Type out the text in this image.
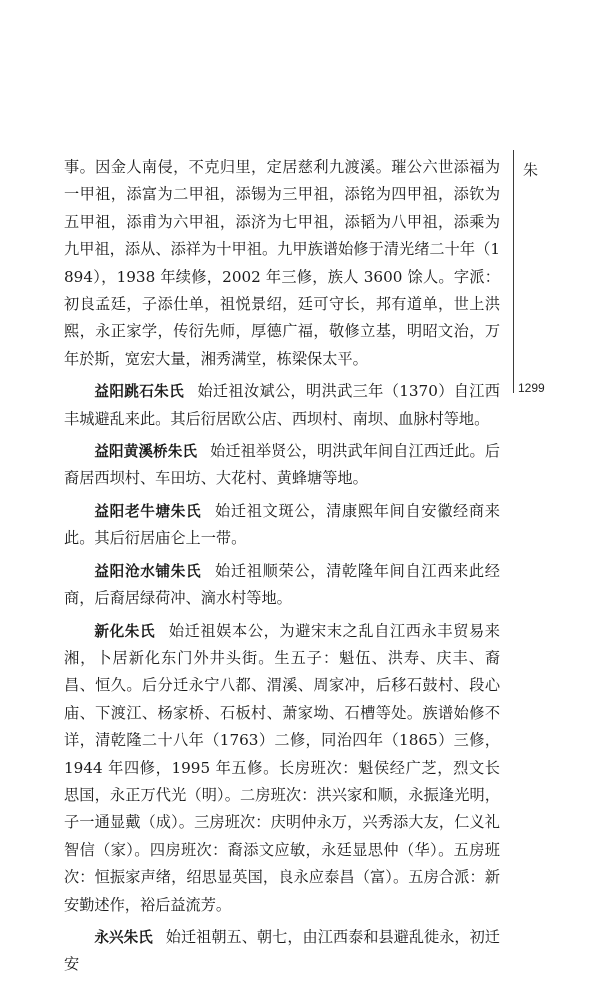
朱
1299

事。因金人南侵，不克归里，定居慈利九渡溪。璀公六世添福为一甲祖，添富为二甲祖，添锡为三甲祖，添铭为四甲祖，添钦为五甲祖，添甫为六甲祖，添济为七甲祖，添韬为八甲祖，添乘为九甲祖，添从、添祥为十甲祖。九甲族谱始修于清光绪二十年（1894），1938 年续修，2002 年三修，族人 3600 馀人。字派：初良孟廷，子添仕单，祖悦景绍，廷可守长，邦有道单，世上洪熙，永正家学，传衍先师，厚德广福，敬修立基，明昭文治，万年於斯，宽宏大量，湘秀满堂，栋梁保太平。

益阳跳石朱氏 始迁祖汝斌公，明洪武三年（1370）自江西丰城避乱来此。其后衍居欧公店、西坝村、南坝、血脉村等地。

益阳黄溪桥朱氏 始迁祖举贤公，明洪武年间自江西迁此。后裔居西坝村、车田坊、大花村、黄蜂塘等地。

益阳老牛塘朱氏 始迁祖文斑公，清康熙年间自安徽经商来此。其后衍居庙仑上一带。

益阳沧水铺朱氏 始迁祖顺荣公，清乾隆年间自江西来此经商，后裔居绿荷冲、滴水村等地。

新化朱氏 始迁祖娱本公，为避宋末之乱自江西永丰贸易来湘，卜居新化东门外井头街。生五子：魁伍、洪寿、庆丰、裔昌、恒久。后分迁永宁八都、渭溪、周家冲，后移石鼓村、段心庙、下渡江、杨家桥、石板村、萧家坳、石槽等处。族谱始修不详，清乾隆二十八年（1763）二修，同治四年（1865）三修，1944 年四修，1995 年五修。长房班次：魁侯经广芝，烈文长思国，永正万代光（明）。二房班次：洪兴家和顺，永振逢光明，子一通显戴（成）。三房班次：庆明仲永万，兴秀添大友，仁义礼智信（家）。四房班次：裔添文应敏，永廷显思仲（华）。五房班次：恒振家声绪，绍思显英国，良永应泰昌（富）。五房合派：新安勤述作，裕后益流芳。

永兴朱氏 始迁祖朝五、朝七，由江西泰和县避乱徙永，初迁安
